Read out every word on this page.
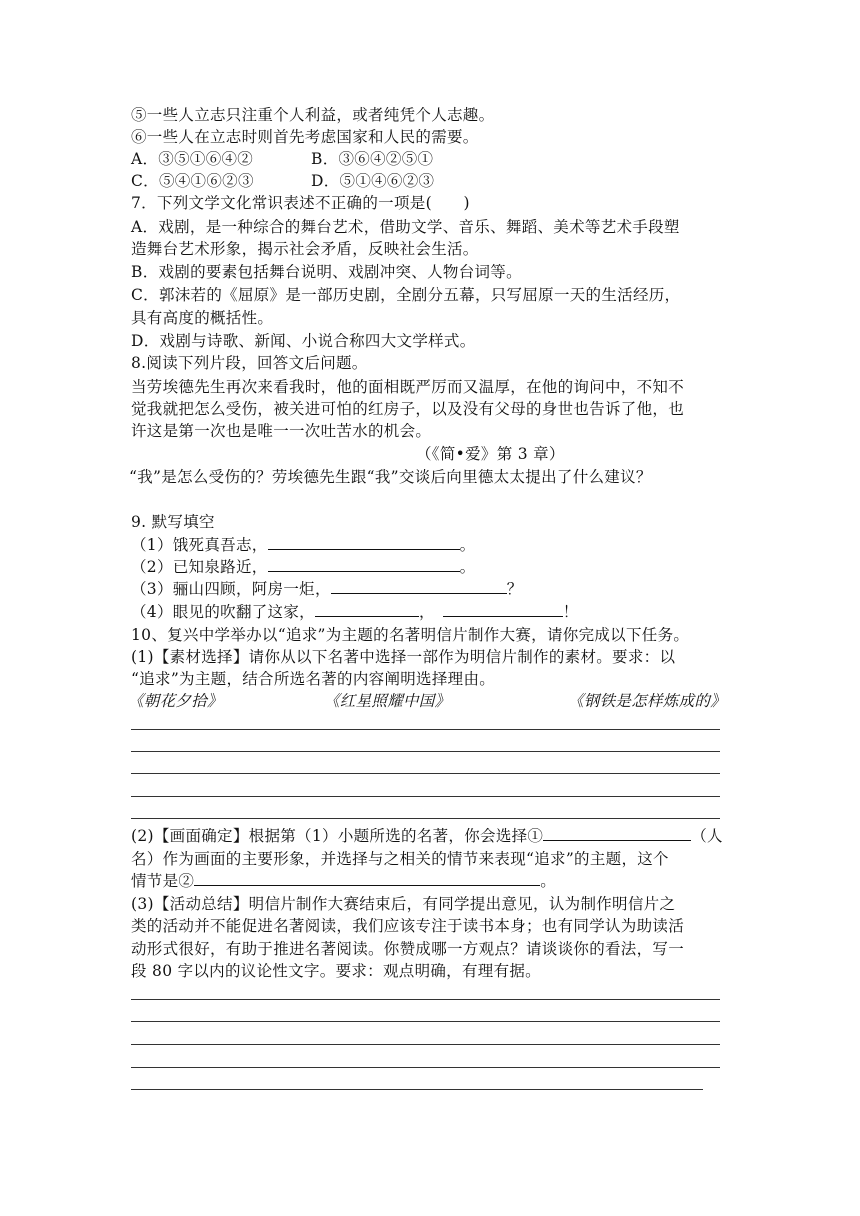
⑤一些人立志只注重个人利益，或者纯凭个人志趣。
⑥一些人在立志时则首先考虑国家和人民的需要。
A．③⑤①⑥④②	B．③⑥④②⑤①
C．⑤④①⑥②③	D．⑤①④⑥②③
7．下列文学文化常识表述不正确的一项是(　　)
A．戏剧，是一种综合的舞台艺术，借助文学、音乐、舞蹈、美术等艺术手段塑
造舞台艺术形象，揭示社会矛盾，反映社会生活。
B．戏剧的要素包括舞台说明、戏剧冲突、人物台词等。
C．郭沫若的《屈原》是一部历史剧，全剧分五幕，只写屈原一天的生活经历，
具有高度的概括性。
D．戏剧与诗歌、新闻、小说合称四大文学样式。
8.阅读下列片段，回答文后问题。
当劳埃德先生再次来看我时，他的面相既严厉而又温厚，在他的询问中，不知不
觉我就把怎么受伤，被关进可怕的红房子，以及没有父母的身世也告诉了他，也
许这是第一次也是唯一一次吐苦水的机会。
（《简•爱》第 3 章）
“我”是怎么受伤的？劳埃德先生跟“我”交谈后向里德太太提出了什么建议？
9. 默写填空
（1）饿死真吾志，	。
（2）已知泉路近，	。
（3）骊山四顾，阿房一炬，	？
（4）眼见的吹翻了这家，	，	！
10、复兴中学举办以“追求”为主题的名著明信片制作大赛，请你完成以下任务。
(1)【素材选择】请你从以下名著中选择一部作为明信片制作的素材。要求：以
“追求”为主题，结合所选名著的内容阐明选择理由。
《朝花夕拾》	《红星照耀中国》	《钢铁是怎样炼成的》
(2)【画面确定】根据第（1）小题所选的名著，你会选择①	（人
名）作为画面的主要形象，并选择与之相关的情节来表现“追求”的主题，这个
情节是②	。
(3)【活动总结】明信片制作大赛结束后，有同学提出意见，认为制作明信片之
类的活动并不能促进名著阅读，我们应该专注于读书本身；也有同学认为助读活
动形式很好，有助于推进名著阅读。你赞成哪一方观点？请谈谈你的看法，写一
段 80 字以内的议论性文字。要求：观点明确，有理有据。
